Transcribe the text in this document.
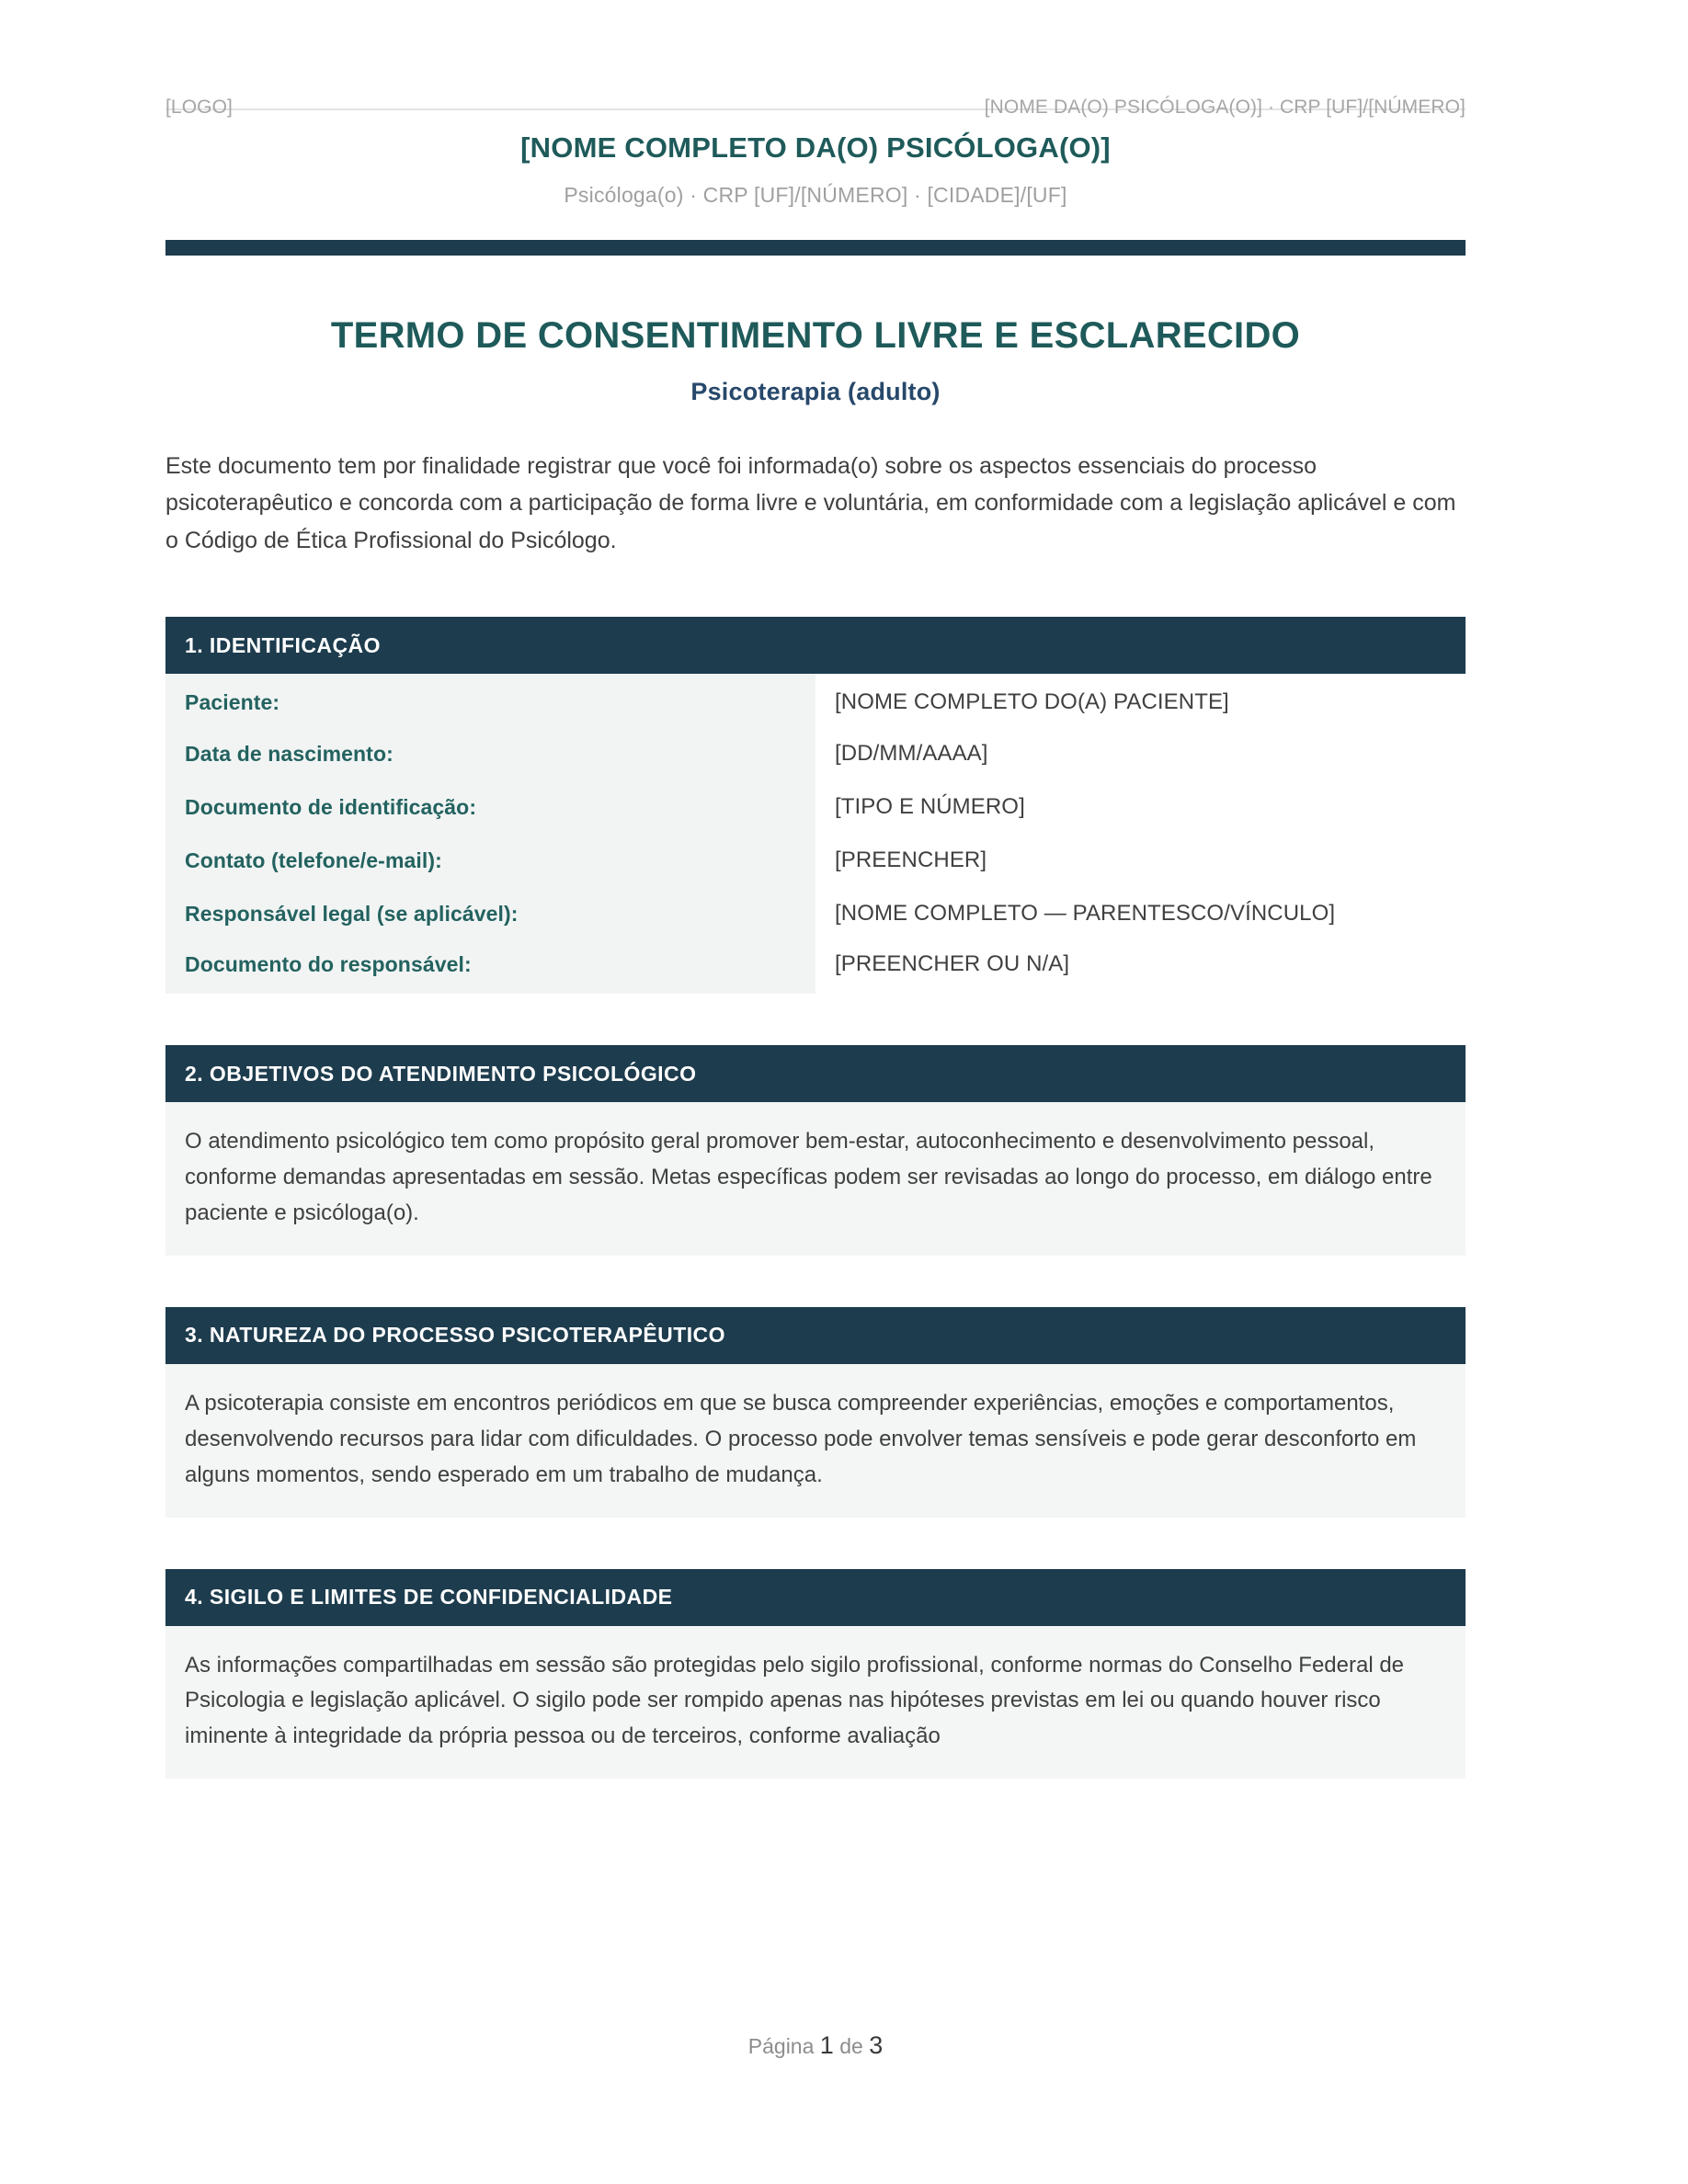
[LOGO]	[NOME DA(O) PSICÓLOGA(O)] · CRP [UF]/[NÚMERO]
[NOME COMPLETO DA(O) PSICÓLOGA(O)]
Psicóloga(o) · CRP [UF]/[NÚMERO] · [CIDADE]/[UF]
TERMO DE CONSENTIMENTO LIVRE E ESCLARECIDO
Psicoterapia (adulto)

Este documento tem por finalidade registrar que você foi informada(o) sobre os aspectos essenciais do processo psicoterapêutico e concorda com a participação de forma livre e voluntária, em conformidade com a legislação aplicável e com o Código de Ética Profissional do Psicólogo.

1. IDENTIFICAÇÃO
Paciente:	[NOME COMPLETO DO(A) PACIENTE]
Data de nascimento:	[DD/MM/AAAA]
Documento de identificação:	[TIPO E NÚMERO]
Contato (telefone/e-mail):	[PREENCHER]
Responsável legal (se aplicável):	[NOME COMPLETO — PARENTESCO/VÍNCULO]
Documento do responsável:	[PREENCHER OU N/A]
2. OBJETIVOS DO ATENDIMENTO PSICOLÓGICO

O atendimento psicológico tem como propósito geral promover bem-estar, autoconhecimento e desenvolvimento pessoal, conforme demandas apresentadas em sessão. Metas específicas podem ser revisadas ao longo do processo, em diálogo entre paciente e psicóloga(o).

3. NATUREZA DO PROCESSO PSICOTERAPÊUTICO

A psicoterapia consiste em encontros periódicos em que se busca compreender experiências, emoções e comportamentos, desenvolvendo recursos para lidar com dificuldades. O processo pode envolver temas sensíveis e pode gerar desconforto em alguns momentos, sendo esperado em um trabalho de mudança.

4. SIGILO E LIMITES DE CONFIDENCIALIDADE

As informações compartilhadas em sessão são protegidas pelo sigilo profissional, conforme normas do Conselho Federal de Psicologia e legislação aplicável. O sigilo pode ser rompido apenas nas hipóteses previstas em lei ou quando houver risco iminente à integridade da própria pessoa ou de terceiros, conforme avaliação

Página 1 de 3
